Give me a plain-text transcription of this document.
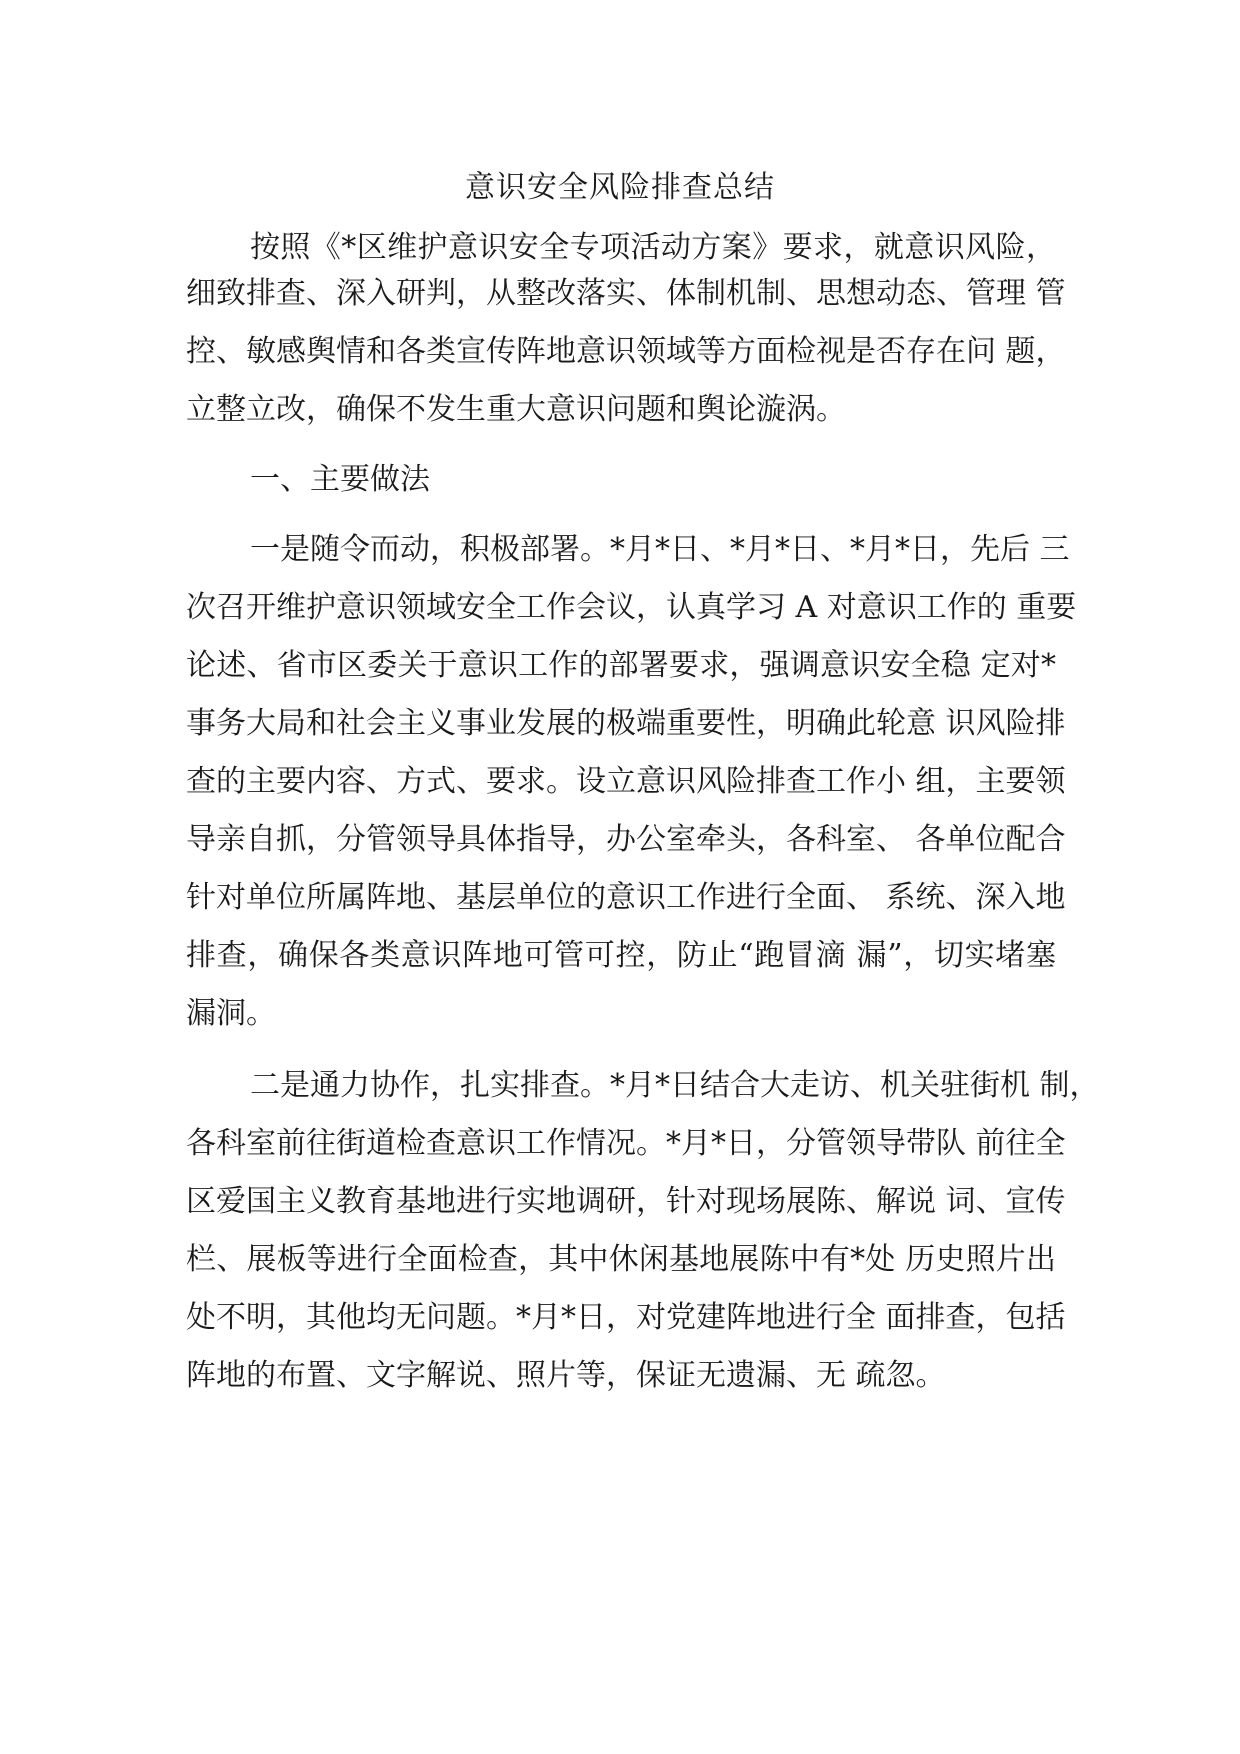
意识安全风险排查总结
按照《*区维护意识安全专项活动方案》要求，就意识风险，
细致排查、深入研判，从整改落实、体制机制、思想动态、管理 管
控、敏感舆情和各类宣传阵地意识领域等方面检视是否存在问 题，
立整立改，确保不发生重大意识问题和舆论漩涡。
一、主要做法
一是随令而动，积极部署。*月*日、*月*日、*月*日，先后 三
次召开维护意识领域安全工作会议，认真学习 A 对意识工作的 重要
论述、省市区委关于意识工作的部署要求，强调意识安全稳 定对*
事务大局和社会主义事业发展的极端重要性，明确此轮意 识风险排
查的主要内容、方式、要求。设立意识风险排查工作小 组，主要领
导亲自抓，分管领导具体指导，办公室牵头，各科室、 各单位配合
针对单位所属阵地、基层单位的意识工作进行全面、 系统、深入地
排查，确保各类意识阵地可管可控，防止“跑冒滴 漏”，切实堵塞
漏洞。
二是通力协作，扎实排查。*月*日结合大走访、机关驻街机 制，
各科室前往街道检查意识工作情况。*月*日，分管领导带队 前往全
区爱国主义教育基地进行实地调研，针对现场展陈、解说 词、宣传
栏、展板等进行全面检查，其中休闲基地展陈中有*处 历史照片出
处不明，其他均无问题。*月*日，对党建阵地进行全 面排查，包括
阵地的布置、文字解说、照片等，保证无遗漏、无 疏忽。
